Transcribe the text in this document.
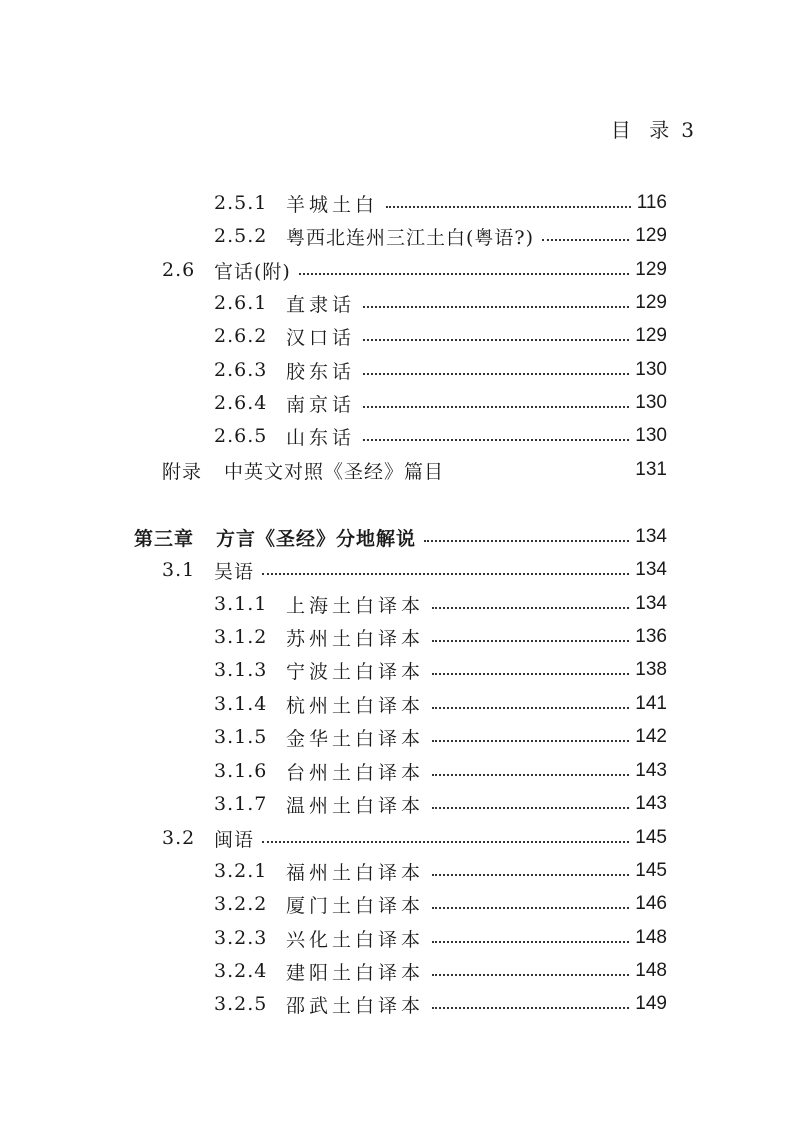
目 录 3
2.5.1 羊城土白	116
2.5.2 粤西北连州三江土白(粤语?)	129
2.6 官话(附)	129
2.6.1 直隶话	129
2.6.2 汉口话	129
2.6.3 胶东话	130
2.6.4 南京话	130
2.6.5 山东话	130
附录	中英文对照《圣经》篇目	131
第三章	方言《圣经》分地解说	134
3.1 吴语	134
3.1.1 上海土白译本	134
3.1.2 苏州土白译本	136
3.1.3 宁波土白译本	138
3.1.4 杭州土白译本	141
3.1.5 金华土白译本	142
3.1.6 台州土白译本	143
3.1.7 温州土白译本	143
3.2 闽语	145
3.2.1 福州土白译本	145
3.2.2 厦门土白译本	146
3.2.3 兴化土白译本	148
3.2.4 建阳土白译本	148
3.2.5 邵武土白译本	149
